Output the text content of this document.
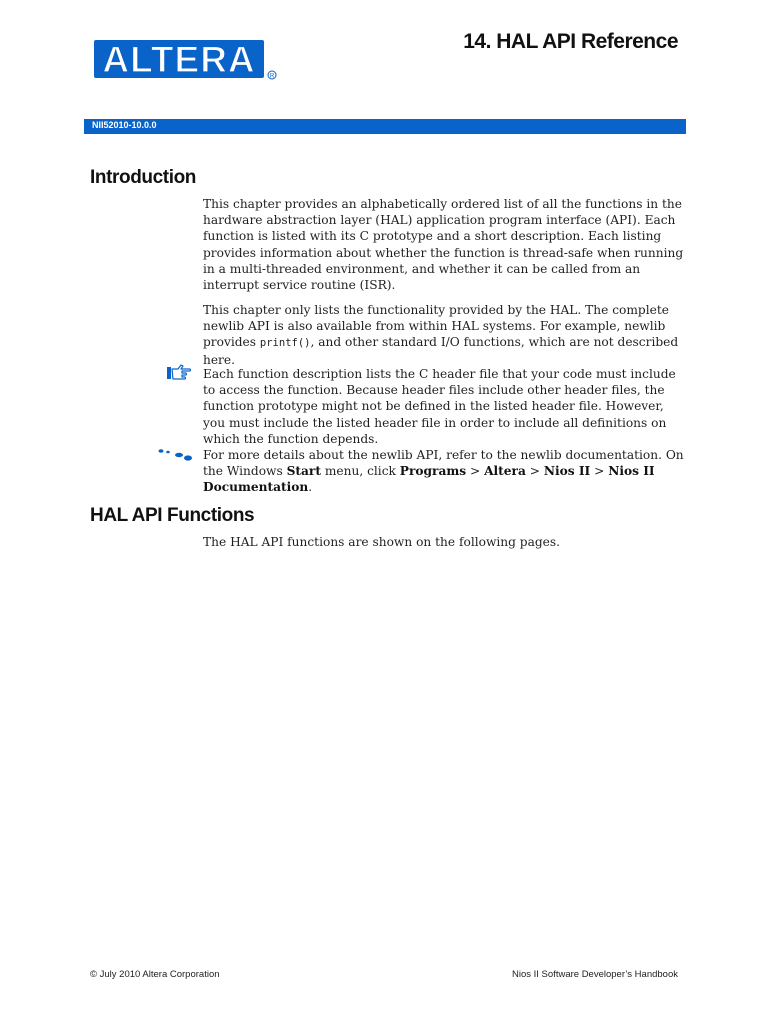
ALTERA R
14. HAL API Reference
NII52010-10.0.0
Introduction

This chapter provides an alphabetically ordered list of all the functions in the hardware abstraction layer (HAL) application program interface (API). Each function is listed with its C prototype and a short description. Each listing provides information about whether the function is thread-safe when running in a multi-threaded environment, and whether it can be called from an interrupt service routine (ISR).

This chapter only lists the functionality provided by the HAL. The complete newlib API is also available from within HAL systems. For example, newlib provides printf(), and other standard I/O functions, which are not described here.

Each function description lists the C header file that your code must include to access the function. Because header files include other header files, the function prototype might not be defined in the listed header file. However, you must include the listed header file in order to include all definitions on which the function depends.

For more details about the newlib API, refer to the newlib documentation. On the Windows Start menu, click Programs > Altera > Nios II > Nios II Documentation.

HAL API Functions

The HAL API functions are shown on the following pages.

© July 2010 Altera Corporation	Nios II Software Developer’s Handbook
